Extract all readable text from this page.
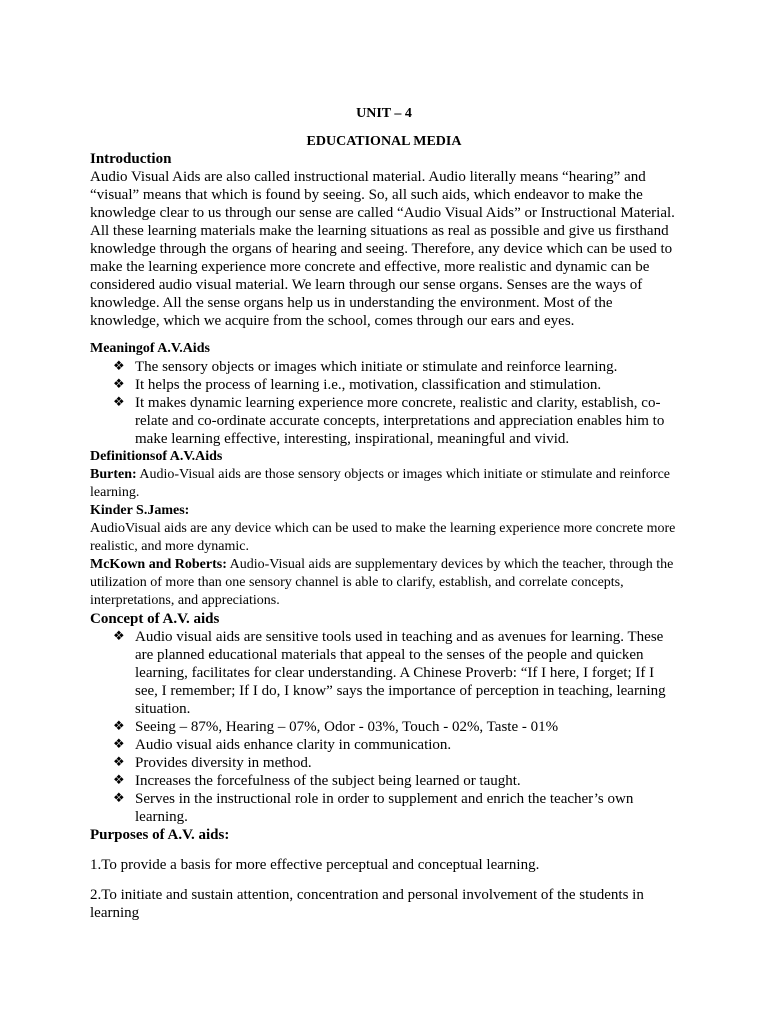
UNIT – 4
EDUCATIONAL MEDIA
Introduction

Audio Visual Aids are also called instructional material. Audio literally means “hearing” and “visual” means that which is found by seeing. So, all such aids, which endeavor to make the knowledge clear to us through our sense are called “Audio Visual Aids” or Instructional Material. All these learning materials make the learning situations as real as possible and give us firsthand knowledge through the organs of hearing and seeing. Therefore, any device which can be used to make the learning experience more concrete and effective, more realistic and dynamic can be considered audio visual material. We learn through our sense organs. Senses are the ways of knowledge. All the sense organs help us in understanding the environment. Most of the knowledge, which we acquire from the school, comes through our ears and eyes.

Meaningof A.V.Aids
❖ The sensory objects or images which initiate or stimulate and reinforce learning.
❖ It helps the process of learning i.e., motivation, classification and stimulation.
❖ It makes dynamic learning experience more concrete, realistic and clarity, establish, co-relate and co-ordinate accurate concepts, interpretations and appreciation enables him to make learning effective, interesting, inspirational, meaningful and vivid.
Definitionsof A.V.Aids

Burten: Audio-Visual aids are those sensory objects or images which initiate or stimulate and reinforce learning.

Kinder S.James:

AudioVisual aids are any device which can be used to make the learning experience more concrete more realistic, and more dynamic.

McKown and Roberts: Audio-Visual aids are supplementary devices by which the teacher, through the utilization of more than one sensory channel is able to clarify, establish, and correlate concepts, interpretations, and appreciations.

Concept of A.V. aids
❖ Audio visual aids are sensitive tools used in teaching and as avenues for learning. These are planned educational materials that appeal to the senses of the people and quicken learning, facilitates for clear understanding. A Chinese Proverb: “If I here, I forget; If I see, I remember; If I do, I know” says the importance of perception in teaching, learning situation.
❖ Seeing – 87%, Hearing – 07%, Odor - 03%, Touch - 02%, Taste - 01%
❖ Audio visual aids enhance clarity in communication.
❖ Provides diversity in method.
❖ Increases the forcefulness of the subject being learned or taught.
❖ Serves in the instructional role in order to supplement and enrich the teacher’s own learning.
Purposes of A.V. aids:

1.To provide a basis for more effective perceptual and conceptual learning.

2.To initiate and sustain attention, concentration and personal involvement of the students in learning
